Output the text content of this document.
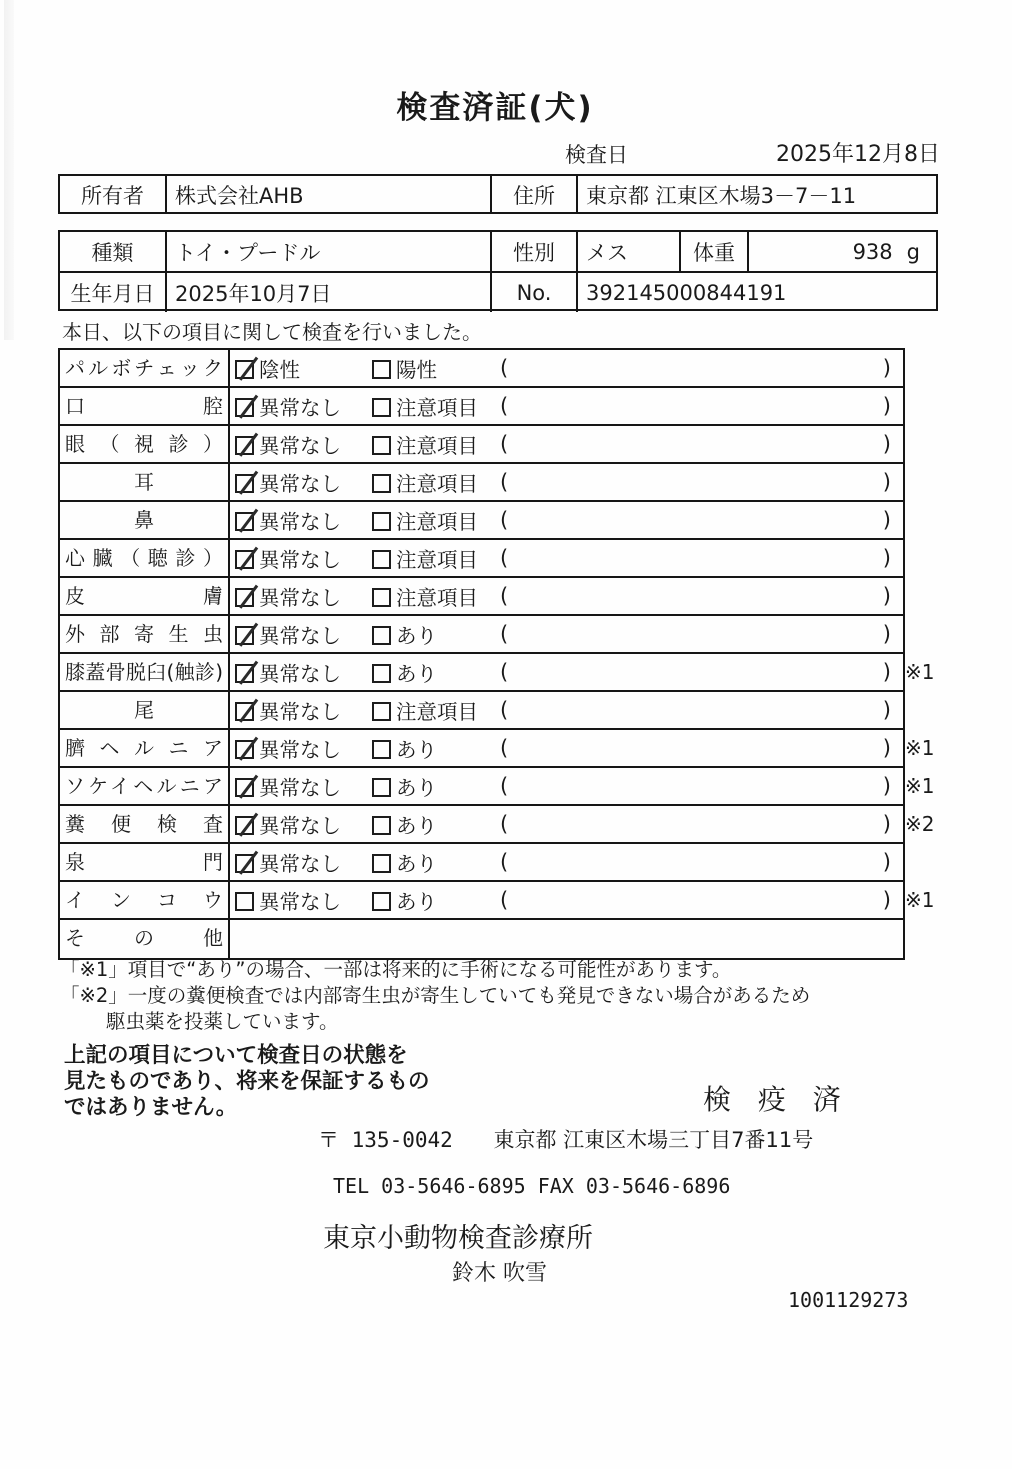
検査済証(犬)
検査日	2025年12月8日
所有者	株式会社AHB	住所	東京都 江東区木場3－7－11
種類	トイ・プードル	性別	メス	体重	938 g
生年月日 2025年10月7日	No.	392145000844191
本日、以下の項目に関して検査を行いました。
パルボチェック	陰性	陽性	(	)
口腔	異常なし	注意項目 (	)
眼（視診）	異常なし	注意項目 (	)
耳	異常なし	注意項目 (	)
鼻	異常なし	注意項目 (	)
心臓（聴診）	異常なし	注意項目 (	)
皮膚	異常なし	注意項目 (	)
外部寄生虫	異常なし	あり	(	)
膝蓋骨脱臼(触診)	異常なし	あり	(	) ※1
尾	異常なし	注意項目 (	)
臍ヘルニア	異常なし	あり	(	) ※1
ソケイヘルニア	異常なし	あり	(	) ※1
糞便検査	異常なし	あり	(	) ※2
泉門	異常なし	あり	(	)
インコウ	異常なし	あり	(	) ※1
その他
「※1」項目で“あり”の場合、一部は将来的に手術になる可能性があります。
「※2」一度の糞便検査では内部寄生虫が寄生していても発見できない場合があるため
駆虫薬を投薬しています。
上記の項目について検査日の状態を
見たものであり、将来を保証するもの
ではありません。	検 疫 済
〒 135-0042 東京都 江東区木場三丁目7番11号
TEL 03-5646-6895 FAX 03-5646-6896
東京小動物検査診療所
鈴木 吹雪
1001129273
